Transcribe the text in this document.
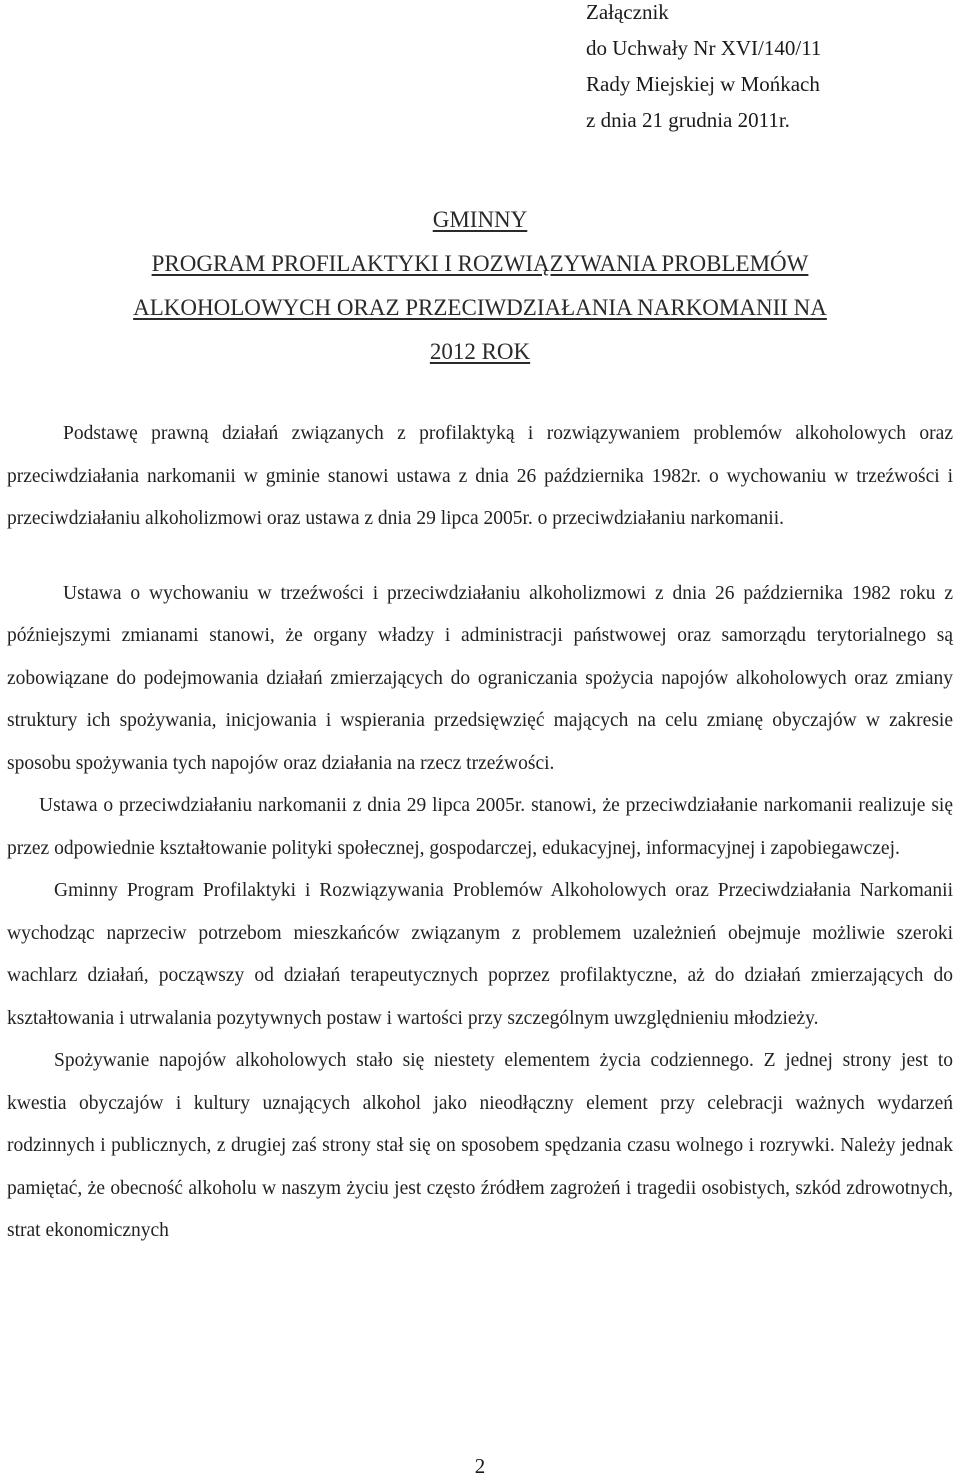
Załącznik
do Uchwały Nr XVI/140/11
Rady Miejskiej w Mońkach
z dnia 21 grudnia 2011r.
GMINNY
PROGRAM PROFILAKTYKI I ROZWIĄZYWANIA PROBLEMÓW
ALKOHOLOWYCH ORAZ PRZECIWDZIAŁANIA NARKOMANII NA
2012 ROK

Podstawę prawną działań związanych z profilaktyką i rozwiązywaniem problemów alkoholowych oraz przeciwdziałania narkomanii w gminie stanowi ustawa z dnia 26 października 1982r. o wychowaniu w trzeźwości i przeciwdziałaniu alkoholizmowi oraz ustawa z dnia 29 lipca 2005r. o przeciwdziałaniu narkomanii.

Ustawa o wychowaniu w trzeźwości i przeciwdziałaniu alkoholizmowi z dnia 26 października 1982 roku z późniejszymi zmianami stanowi, że organy władzy i administracji państwowej oraz samorządu terytorialnego są zobowiązane do podejmowania działań zmierzających do ograniczania spożycia napojów alkoholowych oraz zmiany struktury ich spożywania, inicjowania i wspierania przedsięwzięć mających na celu zmianę obyczajów w zakresie sposobu spożywania tych napojów oraz działania na rzecz trzeźwości.

Ustawa o przeciwdziałaniu narkomanii z dnia 29 lipca 2005r. stanowi, że przeciwdziałanie narkomanii realizuje się przez odpowiednie kształtowanie polityki społecznej, gospodarczej, edukacyjnej, informacyjnej i zapobiegawczej.

Gminny Program Profilaktyki i Rozwiązywania Problemów Alkoholowych oraz Przeciwdziałania Narkomanii wychodząc naprzeciw potrzebom mieszkańców związanym z problemem uzależnień obejmuje możliwie szeroki wachlarz działań, począwszy od działań terapeutycznych poprzez profilaktyczne, aż do działań zmierzających do kształtowania i utrwalania pozytywnych postaw i wartości przy szczególnym uwzględnieniu młodzieży.

Spożywanie napojów alkoholowych stało się niestety elementem życia codziennego. Z jednej strony jest to kwestia obyczajów i kultury uznających alkohol jako nieodłączny element przy celebracji ważnych wydarzeń rodzinnych i publicznych, z drugiej zaś strony stał się on sposobem spędzania czasu wolnego i rozrywki. Należy jednak pamiętać, że obecność alkoholu w naszym życiu jest często źródłem zagrożeń i tragedii osobistych, szkód zdrowotnych, strat ekonomicznych

2
